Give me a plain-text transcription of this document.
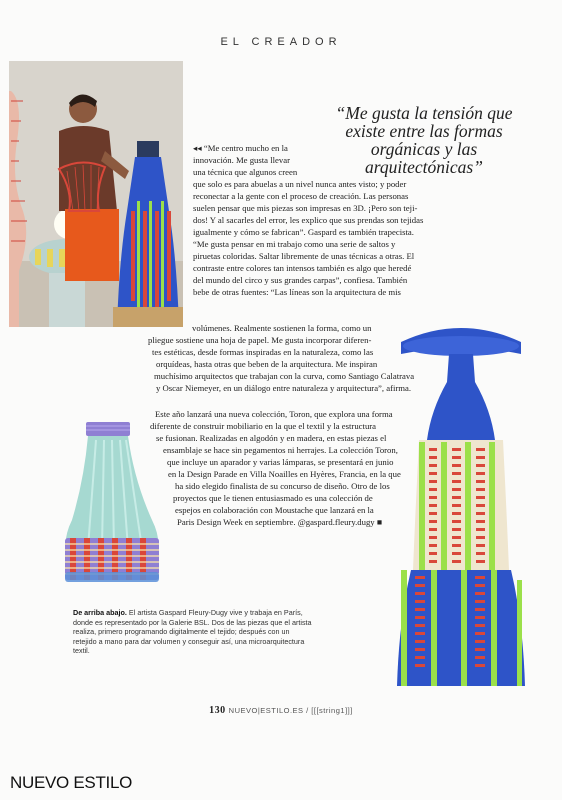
EL CREADOR
“Me gusta la tensión que
existe entre las formas
orgánicas y las
arquitectónicas”
◂◂ “Me centro mucho en la
innovación. Me gusta llevar
una técnica que algunos creen
que solo es para abuelas a un nivel nunca antes visto; y poder
reconectar a la gente con el proceso de creación. Las personas
suelen pensar que mis piezas son impresas en 3D. ¡Pero son teji-
dos! Y al sacarles del error, les explico que sus prendas son tejidas
igualmente y cómo se fabrican”. Gaspard es también trapecista.
“Me gusta pensar en mi trabajo como una serie de saltos y
piruetas coloridas. Saltar libremente de unas técnicas a otras. El
contraste entre colores tan intensos también es algo que heredé
del mundo del circo y sus grandes carpas”, confiesa. También
bebe de otras fuentes: “Las líneas son la arquitectura de mis
volúmenes. Realmente sostienen la forma, como un
pliegue sostiene una hoja de papel. Me gusta incorporar diferen-
tes estéticas, desde formas inspiradas en la naturaleza, como las
orquídeas, hasta otras que beben de la arquitectura. Me inspiran
muchísimo arquitectos que trabajan con la curva, como Santiago Calatrava
y Oscar Niemeyer, en un diálogo entre naturaleza y arquitectura”, afirma.
Este año lanzará una nueva colección, Toron, que explora una forma
diferente de construir mobiliario en la que el textil y la estructura
se fusionan. Realizadas en algodón y en madera, en estas piezas el
ensamblaje se hace sin pegamentos ni herrajes. La colección Toron,
que incluye un aparador y varias lámparas, se presentará en junio
en la Design Parade en Villa Noailles en Hyères, Francia, en la que
ha sido elegido finalista de su concurso de diseño. Otro de los
proyectos que le tienen entusiasmado es una colección de
espejos en colaboración con Moustache que lanzará en la
Paris Design Week en septiembre. @gaspard.fleury.dugy ■
De arriba abajo. El artista Gaspard Fleury-Dugy vive y trabaja en París, donde es representado por la Galerie BSL. Dos de las piezas que el artista realiza, primero programando digitalmente el tejido; después con un retejido a mano para dar volumen y conseguir así, una microarquitectura textil.
130 NUEVO|ESTILO.ES / [[[string1]]]
NUEVO ESTILO
